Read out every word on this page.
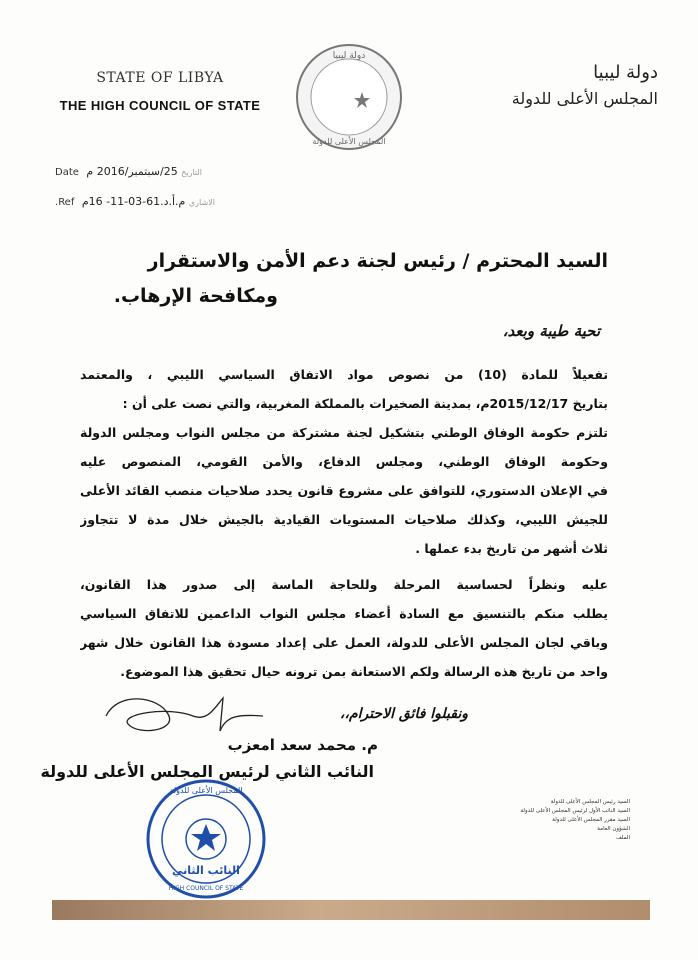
STATE OF LIBYA
THE HIGH COUNCIL OF STATE
دولة ليبيا
المجلس الأعلى للدولة
دولة ليبيا
المجلس الأعلى للدولة
التاريخ 25/سبتمبر/2016 م Date
الاشاري م.أ.د.61-03-11- 16م Ref.
السيد المحترم / رئيس لجنة دعم الأمن والاستقرار
ومكافحة الإرهاب.
تحية طيبة وبعد،
تفعيلاً للمادة (10) من نصوص مواد الاتفاق السياسي الليبي ، والمعتمد
بتاريخ 2015/12/17م، بمدينة الصخيرات بالمملكة المغربية، والتي نصت على أن :
تلتزم حكومة الوفاق الوطني بتشكيل لجنة مشتركة من مجلس النواب ومجلس الدولة
وحكومة الوفاق الوطني، ومجلس الدفاع، والأمن القومي، المنصوص عليه
في الإعلان الدستوري، للتوافق على مشروع قانون يحدد صلاحيات منصب القائد الأعلى
للجيش الليبي، وكذلك صلاحيات المستويات القيادية بالجيش خلال مدة لا تتجاوز
ثلاث أشهر من تاريخ بدء عملها .
عليه ونظراً لحساسية المرحلة وللحاجة الماسة إلى صدور هذا القانون،
يطلب منكم بالتنسيق مع السادة أعضاء مجلس النواب الداعمين للاتفاق السياسي
وباقي لجان المجلس الأعلى للدولة، العمل على إعداد مسودة هذا القانون خلال شهر
واحد من تاريخ هذه الرسالة ولكم الاستعانة بمن ترونه حيال تحقيق هذا الموضوع.
ونقبلوا فائق الاحترام،،
م. محمد سعد امعزب
النائب الثاني لرئيس المجلس الأعلى للدولة
المجلس الأعلى للدولة
النائب الثاني
HIGH COUNCIL OF STATE
السيد رئيس المجلس الأعلى للدولة
السيد النائب الأول لرئيس المجلس الأعلى للدولة
السيد مقرر المجلس الأعلى للدولة
الشؤون العامة
الملف
